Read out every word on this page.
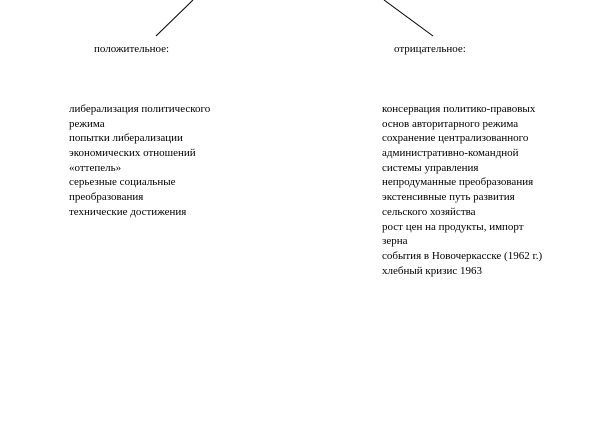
положительное:	отрицательное:
либерализация политического
режима
попытки либерализации
экономических отношений
«оттепель»
серьезные социальные
преобразования
технические достижения
консервация политико-правовых
основ авторитарного режима
сохранение централизованного
административно-командной
системы управления
непродуманные преобразования
экстенсивные путь развития
сельского хозяйства
рост цен на продукты, импорт
зерна
события в Новочеркасске (1962 г.)
хлебный кризис 1963
